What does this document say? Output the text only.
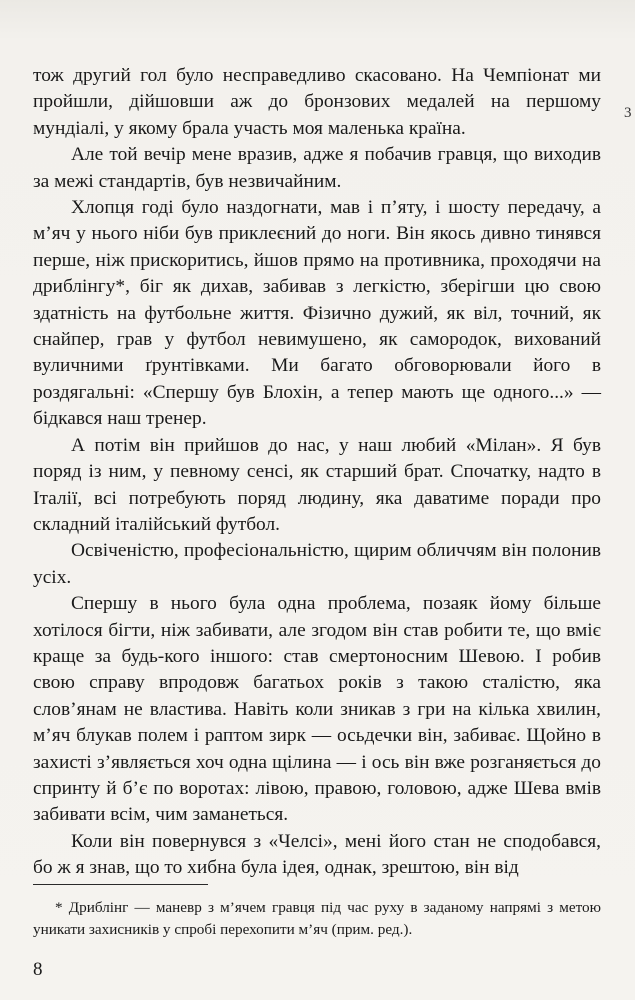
3

тож другий гол було несправедливо скасовано. На Чемпіонат ми пройшли, дійшовши аж до бронзових медалей на першому мундіалі, у якому брала участь моя маленька країна.

Але той вечір мене вразив, адже я побачив гравця, що виходив за межі стандартів, був незвичайним.

Хлопця годі було наздогнати, мав і п’яту, і шосту передачу, а м’яч у нього ніби був приклеєний до ноги. Він якось дивно тинявся перше, ніж прискоритись, йшов прямо на противника, проходячи на дриблінгу*, біг як дихав, забивав з легкістю, зберігши цю свою здатність на футбольне життя. Фізично дужий, як віл, точний, як снайпер, грав у футбол невимушено, як самородок, вихований вуличними ґрунтівками. Ми багато обговорювали його в роздягальні: «Спершу був Блохін, а тепер мають ще одного...» — бідкався наш тренер.

А потім він прийшов до нас, у наш любий «Мілан». Я був поряд із ним, у певному сенсі, як старший брат. Спочатку, надто в Італії, всі потребують поряд людину, яка даватиме поради про складний італійський футбол.

Освіченістю, професіональністю, щирим обличчям він полонив усіх.

Спершу в нього була одна проблема, позаяк йому більше хотілося бігти, ніж забивати, але згодом він став робити те, що вміє краще за будь-кого іншого: став смертоносним Шевою. І робив свою справу впродовж багатьох років з такою сталістю, яка слов’янам не властива. Навіть коли зникав з гри на кілька хвилин, м’яч блукав полем і раптом зирк — осьдечки він, забиває. Щойно в захисті з’являється хоч одна щілина — і ось він вже розганяється до спринту й б’є по воротах: лівою, правою, головою, адже Шева вмів забивати всім, чим заманеться.

Коли він повернувся з «Челсі», мені його стан не сподобався, бо ж я знав, що то хибна була ідея, однак, зрештою, він від

* Дриблінг — маневр з м’ячем гравця під час руху в заданому напрямі з метою уникати захисників у спробі перехопити м’яч (прим. ред.).

8
